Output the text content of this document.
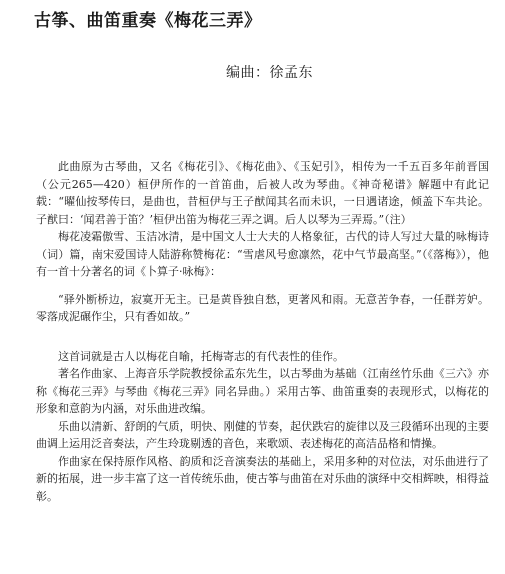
古筝、曲笛重奏《梅花三弄》
编曲：徐孟东

此曲原为古琴曲，又名《梅花引》、《梅花曲》、《玉妃引》，相传为一千五百多年前晋国（公元265—420）桓伊所作的一首笛曲，后被人改为琴曲。《神奇秘谱》解题中有此记载：“曜仙按琴传曰，是曲也，昔桓伊与王子猷闻其名而未识，一日遇诸途，倾盖下车共论。子猷曰：‘闻君善于笛？’桓伊出笛为梅花三弄之调。后人以琴为三弄焉。”（注）

梅花凌霜傲雪、玉洁冰清，是中国文人士大夫的人格象征，古代的诗人写过大量的咏梅诗（词）篇，南宋爱国诗人陆游称赞梅花：“雪虐风号愈凛然，花中气节最高坚。”（《落梅》），他有一首十分著名的词《卜算子·咏梅》：

“驿外断桥边，寂寞开无主。已是黄昏独自愁，更著风和雨。无意苦争春，一任群芳妒。零落成泥碾作尘，只有香如故。”

这首词就是古人以梅花自喻，托梅寄志的有代表性的佳作。

著名作曲家、上海音乐学院教授徐孟东先生，以古琴曲为基础（江南丝竹乐曲《三六》亦称《梅花三弄》与琴曲《梅花三弄》同名异曲。）采用古筝、曲笛重奏的表现形式，以梅花的形象和意韵为内涵，对乐曲进改编。

乐曲以清新、舒朗的气质，明快、刚健的节奏，起伏跌宕的旋律以及三段循环出现的主要曲调上运用泛音奏法，产生玲珑剔透的音色，来歌颂、表述梅花的高洁品格和情操。

作曲家在保持原作风格、韵质和泛音演奏法的基础上，采用多种的对位法，对乐曲进行了新的拓展，进一步丰富了这一首传统乐曲，使古筝与曲笛在对乐曲的演绎中交相辉映，相得益彰。
